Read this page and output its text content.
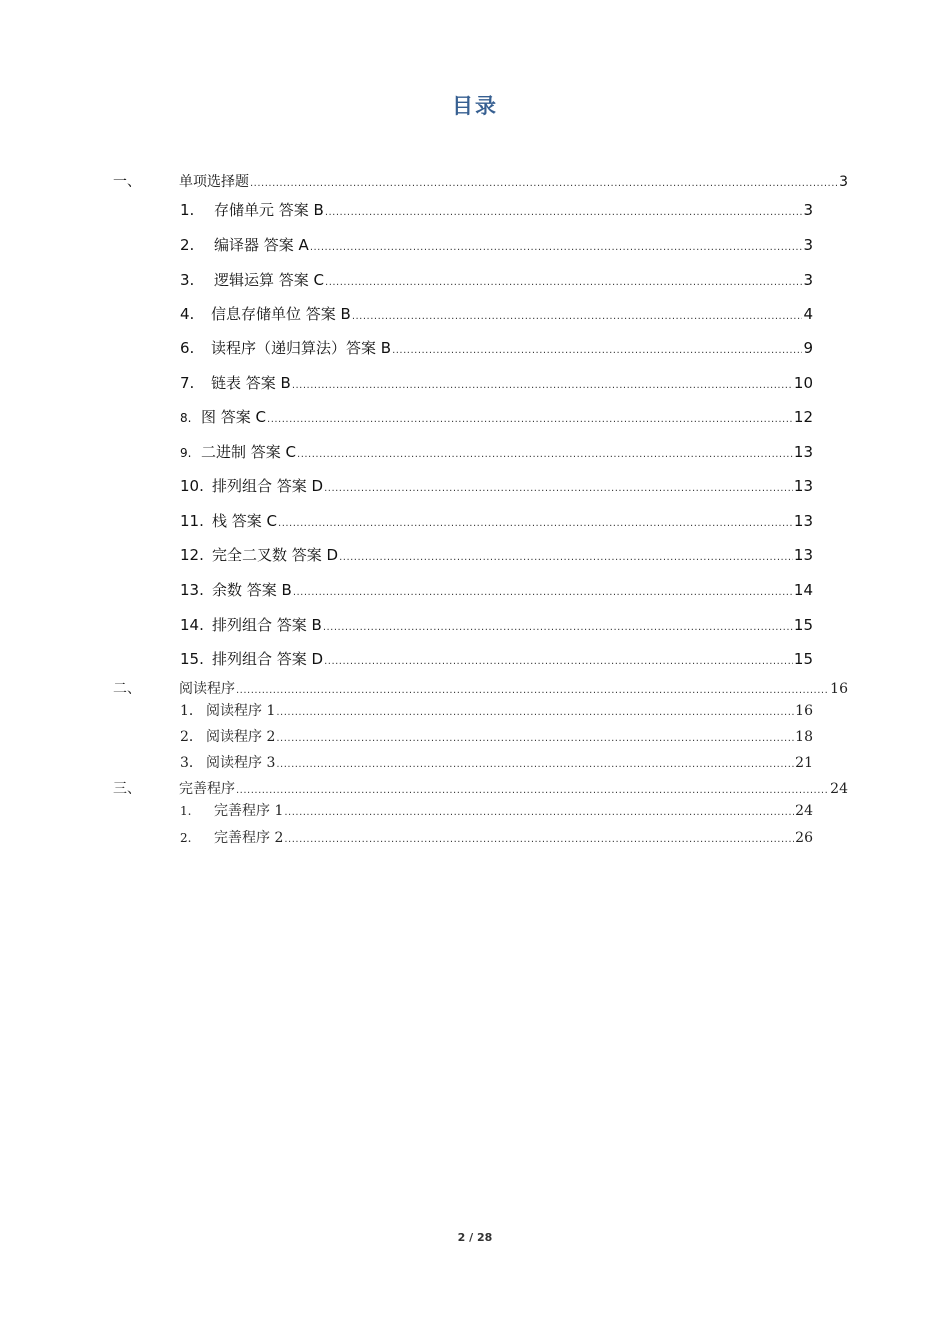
目录
一、	单项选择题 .....	3
1.	存储单元 答案 B .....	3
2.	编译器 答案 A .....	3
3.	逻辑运算 答案 C .....	3
4.	信息存储单位 答案 B .....	4
6.	读程序（递归算法）答案 B .....	9
7.	链表 答案 B .....	10
8. 图 答案 C .....	12
9. 二进制 答案 C .....	13
10. 排列组合 答案 D .....	13
11. 栈 答案 C .....	13
12. 完全二叉数 答案 D .....	13
13. 余数 答案 B .....	14
14. 排列组合 答案 B .....	15
15. 排列组合 答案 D .....	15
二、	阅读程序 .....	16
1． 阅读程序 1 .....	16
2． 阅读程序 2 .....	18
3． 阅读程序 3 .....	21
三、	完善程序 .....	24
1.	完善程序 1 .....	24
2.	完善程序 2 .....	26
2 / 28
